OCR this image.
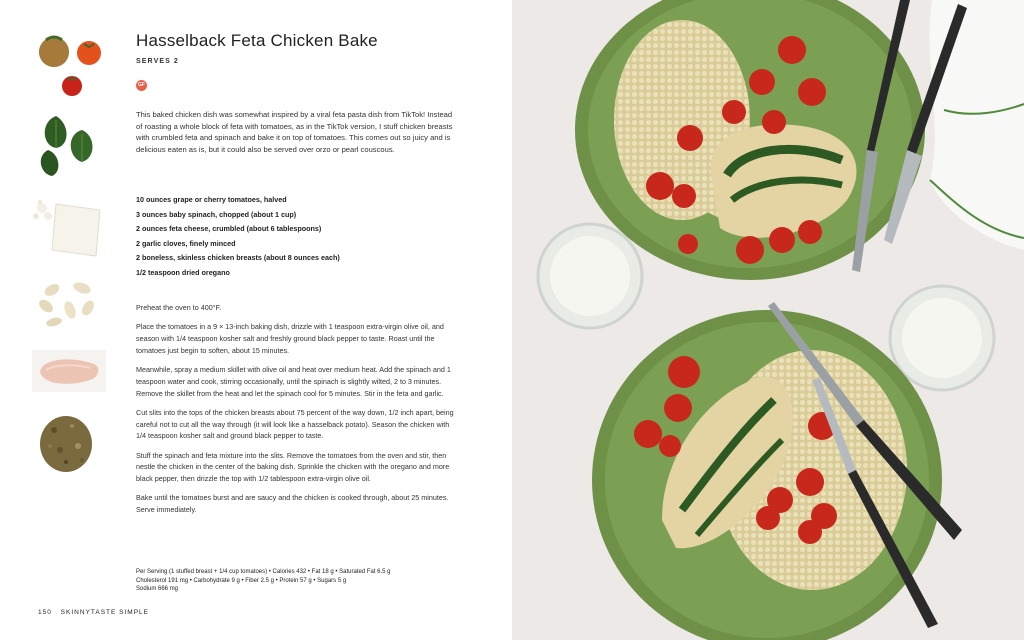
Hasselback Feta Chicken Bake
SERVES 2
GF

This baked chicken dish was somewhat inspired by a viral feta pasta dish from TikTok! Instead of roasting a whole block of feta with tomatoes, as in the TikTok version, I stuff chicken breasts with crumbled feta and spinach and bake it on top of tomatoes. This comes out so juicy and is delicious eaten as is, but it could also be served over orzo or pearl couscous.

10 ounces grape or cherry tomatoes, halved
3 ounces baby spinach, chopped (about 1 cup)
2 ounces feta cheese, crumbled (about 6 tablespoons)
2 garlic cloves, finely minced
2 boneless, skinless chicken breasts (about 8 ounces each)
1/2 teaspoon dried oregano

Preheat the oven to 400°F.

Place the tomatoes in a 9 × 13-inch baking dish, drizzle with 1 teaspoon extra-virgin olive oil, and season with 1/4 teaspoon kosher salt and freshly ground black pepper to taste. Roast until the tomatoes just begin to soften, about 15 minutes.

Meanwhile, spray a medium skillet with olive oil and heat over medium heat. Add the spinach and 1 teaspoon water and cook, stirring occasionally, until the spinach is slightly wilted, 2 to 3 minutes. Remove the skillet from the heat and let the spinach cool for 5 minutes. Stir in the feta and garlic.

Cut slits into the tops of the chicken breasts about 75 percent of the way down, 1/2 inch apart, being careful not to cut all the way through (it will look like a hasselback potato). Season the chicken with 1/4 teaspoon kosher salt and ground black pepper to taste.

Stuff the spinach and feta mixture into the slits. Remove the tomatoes from the oven and stir, then nestle the chicken in the center of the baking dish. Sprinkle the chicken with the oregano and more black pepper, then drizzle the top with 1/2 tablespoon extra-virgin olive oil.

Bake until the tomatoes burst and are saucy and the chicken is cooked through, about 25 minutes. Serve immediately.

Per Serving (1 stuffed breast + 1/4 cup tomatoes) • Calories 432 • Fat 18 g • Saturated Fat 6.5 g
Cholesterol 191 mg • Carbohydrate 9 g • Fiber 2.5 g • Protein 57 g • Sugars 5 g
Sodium 666 mg
150 SKINNYTASTE SIMPLE
